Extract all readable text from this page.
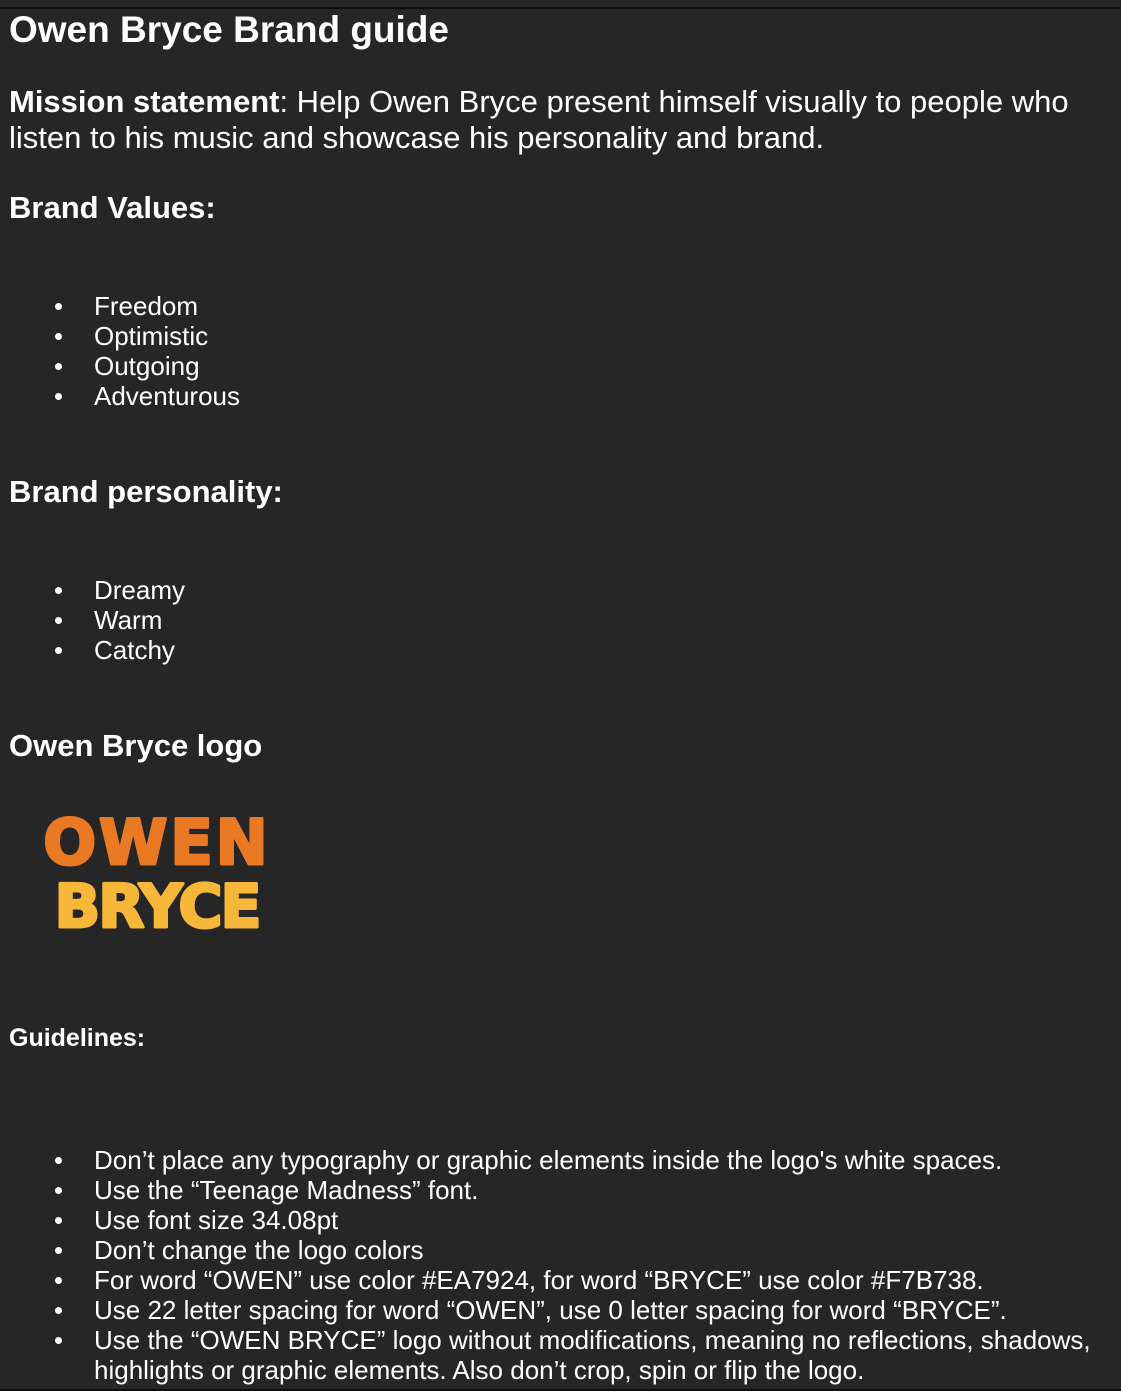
Owen Bryce Brand guide

Mission statement: Help Owen Bryce present himself visually to people who listen to his music and showcase his personality and brand.

Brand Values:
Freedom
Optimistic
Outgoing
Adventurous
Brand personality:
Dreamy
Warm
Catchy
Owen Bryce logo
OWEN
BRYCE
Guidelines:
Don’t place any typography or graphic elements inside the logo's white spaces.
Use the “Teenage Madness” font.
Use font size 34.08pt
Don’t change the logo colors
For word “OWEN” use color #EA7924, for word “BRYCE” use color #F7B738.
Use 22 letter spacing for word “OWEN”, use 0 letter spacing for word “BRYCE”.
Use the “OWEN BRYCE” logo without modifications, meaning no reflections, shadows, highlights or graphic elements. Also don’t crop, spin or flip the logo.
